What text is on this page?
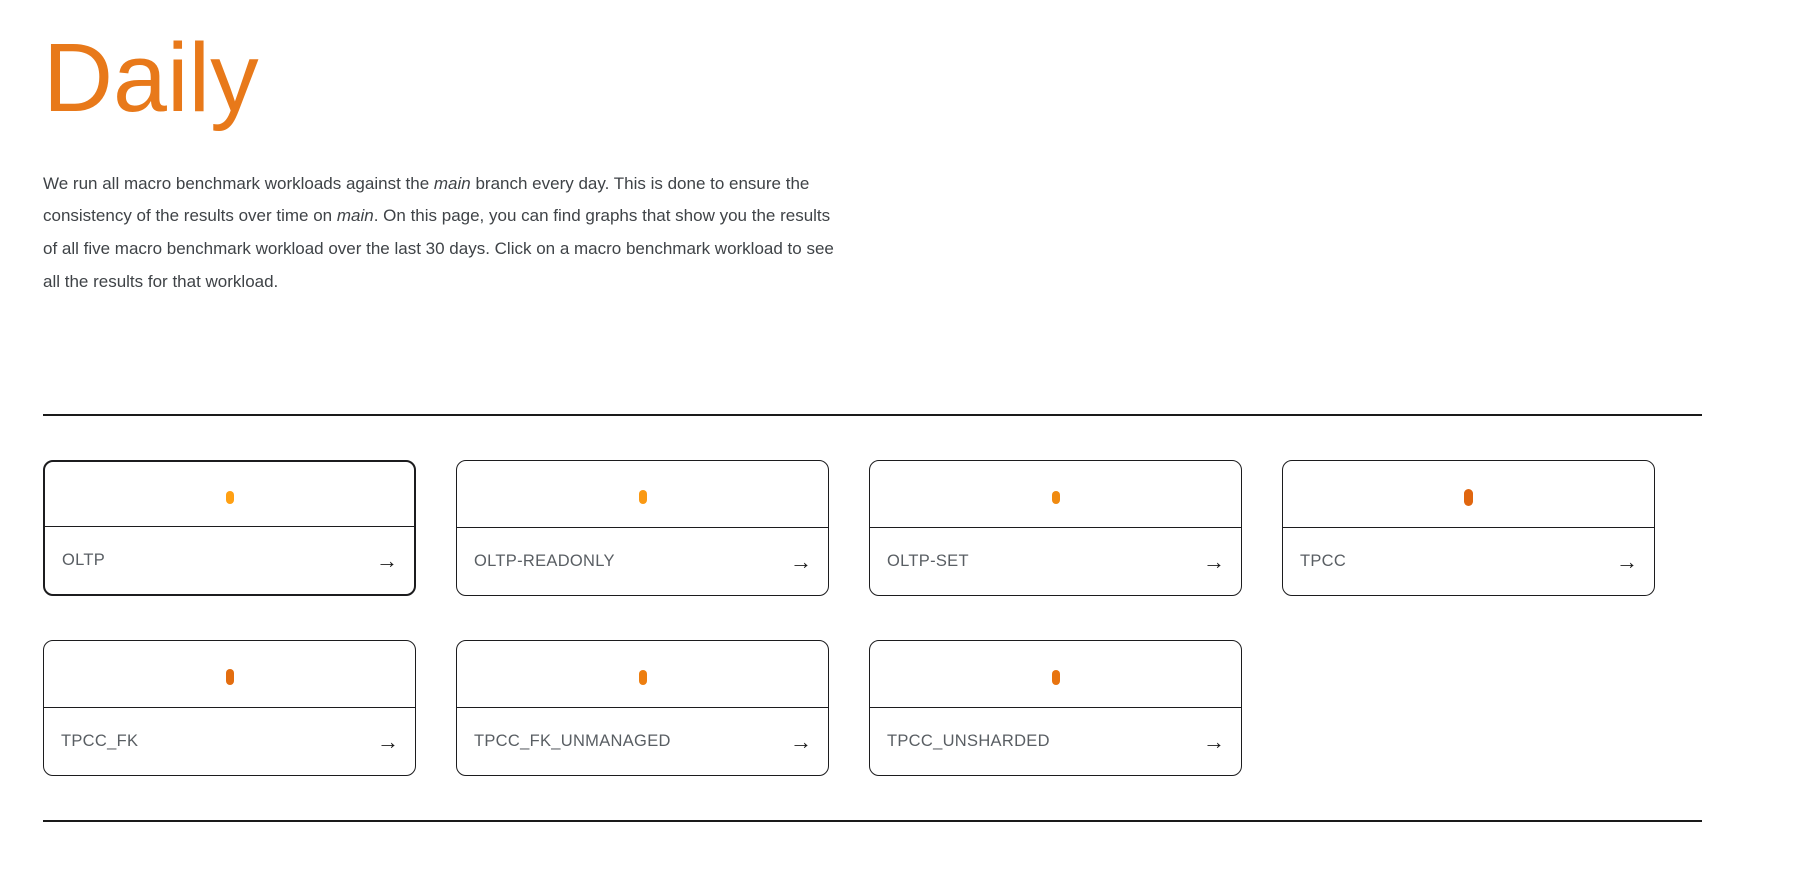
Daily

We run all macro benchmark workloads against the main branch every day. This is done to ensure the consistency of the results over time on main. On this page, you can find graphs that show you the results of all five macro benchmark workload over the last 30 days. Click on a macro benchmark workload to see all the results for that workload.

OLTP	→	OLTP-READONLY	→	OLTP-SET	→	TPCC	→
TPCC_FK	→	TPCC_FK_UNMANAGED	→	TPCC_UNSHARDED	→
